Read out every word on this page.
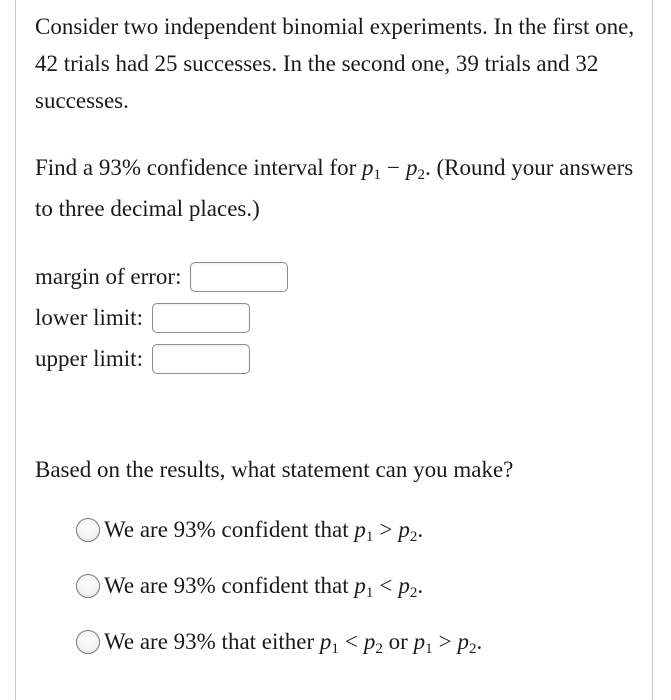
Consider two independent binomial experiments. In the first one, 42 trials had 25 successes. In the second one, 39 trials and 32 successes.

Find a 93% confidence interval for p1 − p2. (Round your answers to three decimal places.)

margin of error:
lower limit:
upper limit:

Based on the results, what statement can you make?

We are 93% confident that p1 > p2.
We are 93% confident that p1 < p2.
We are 93% that either p1 < p2 or p1 > p2.
